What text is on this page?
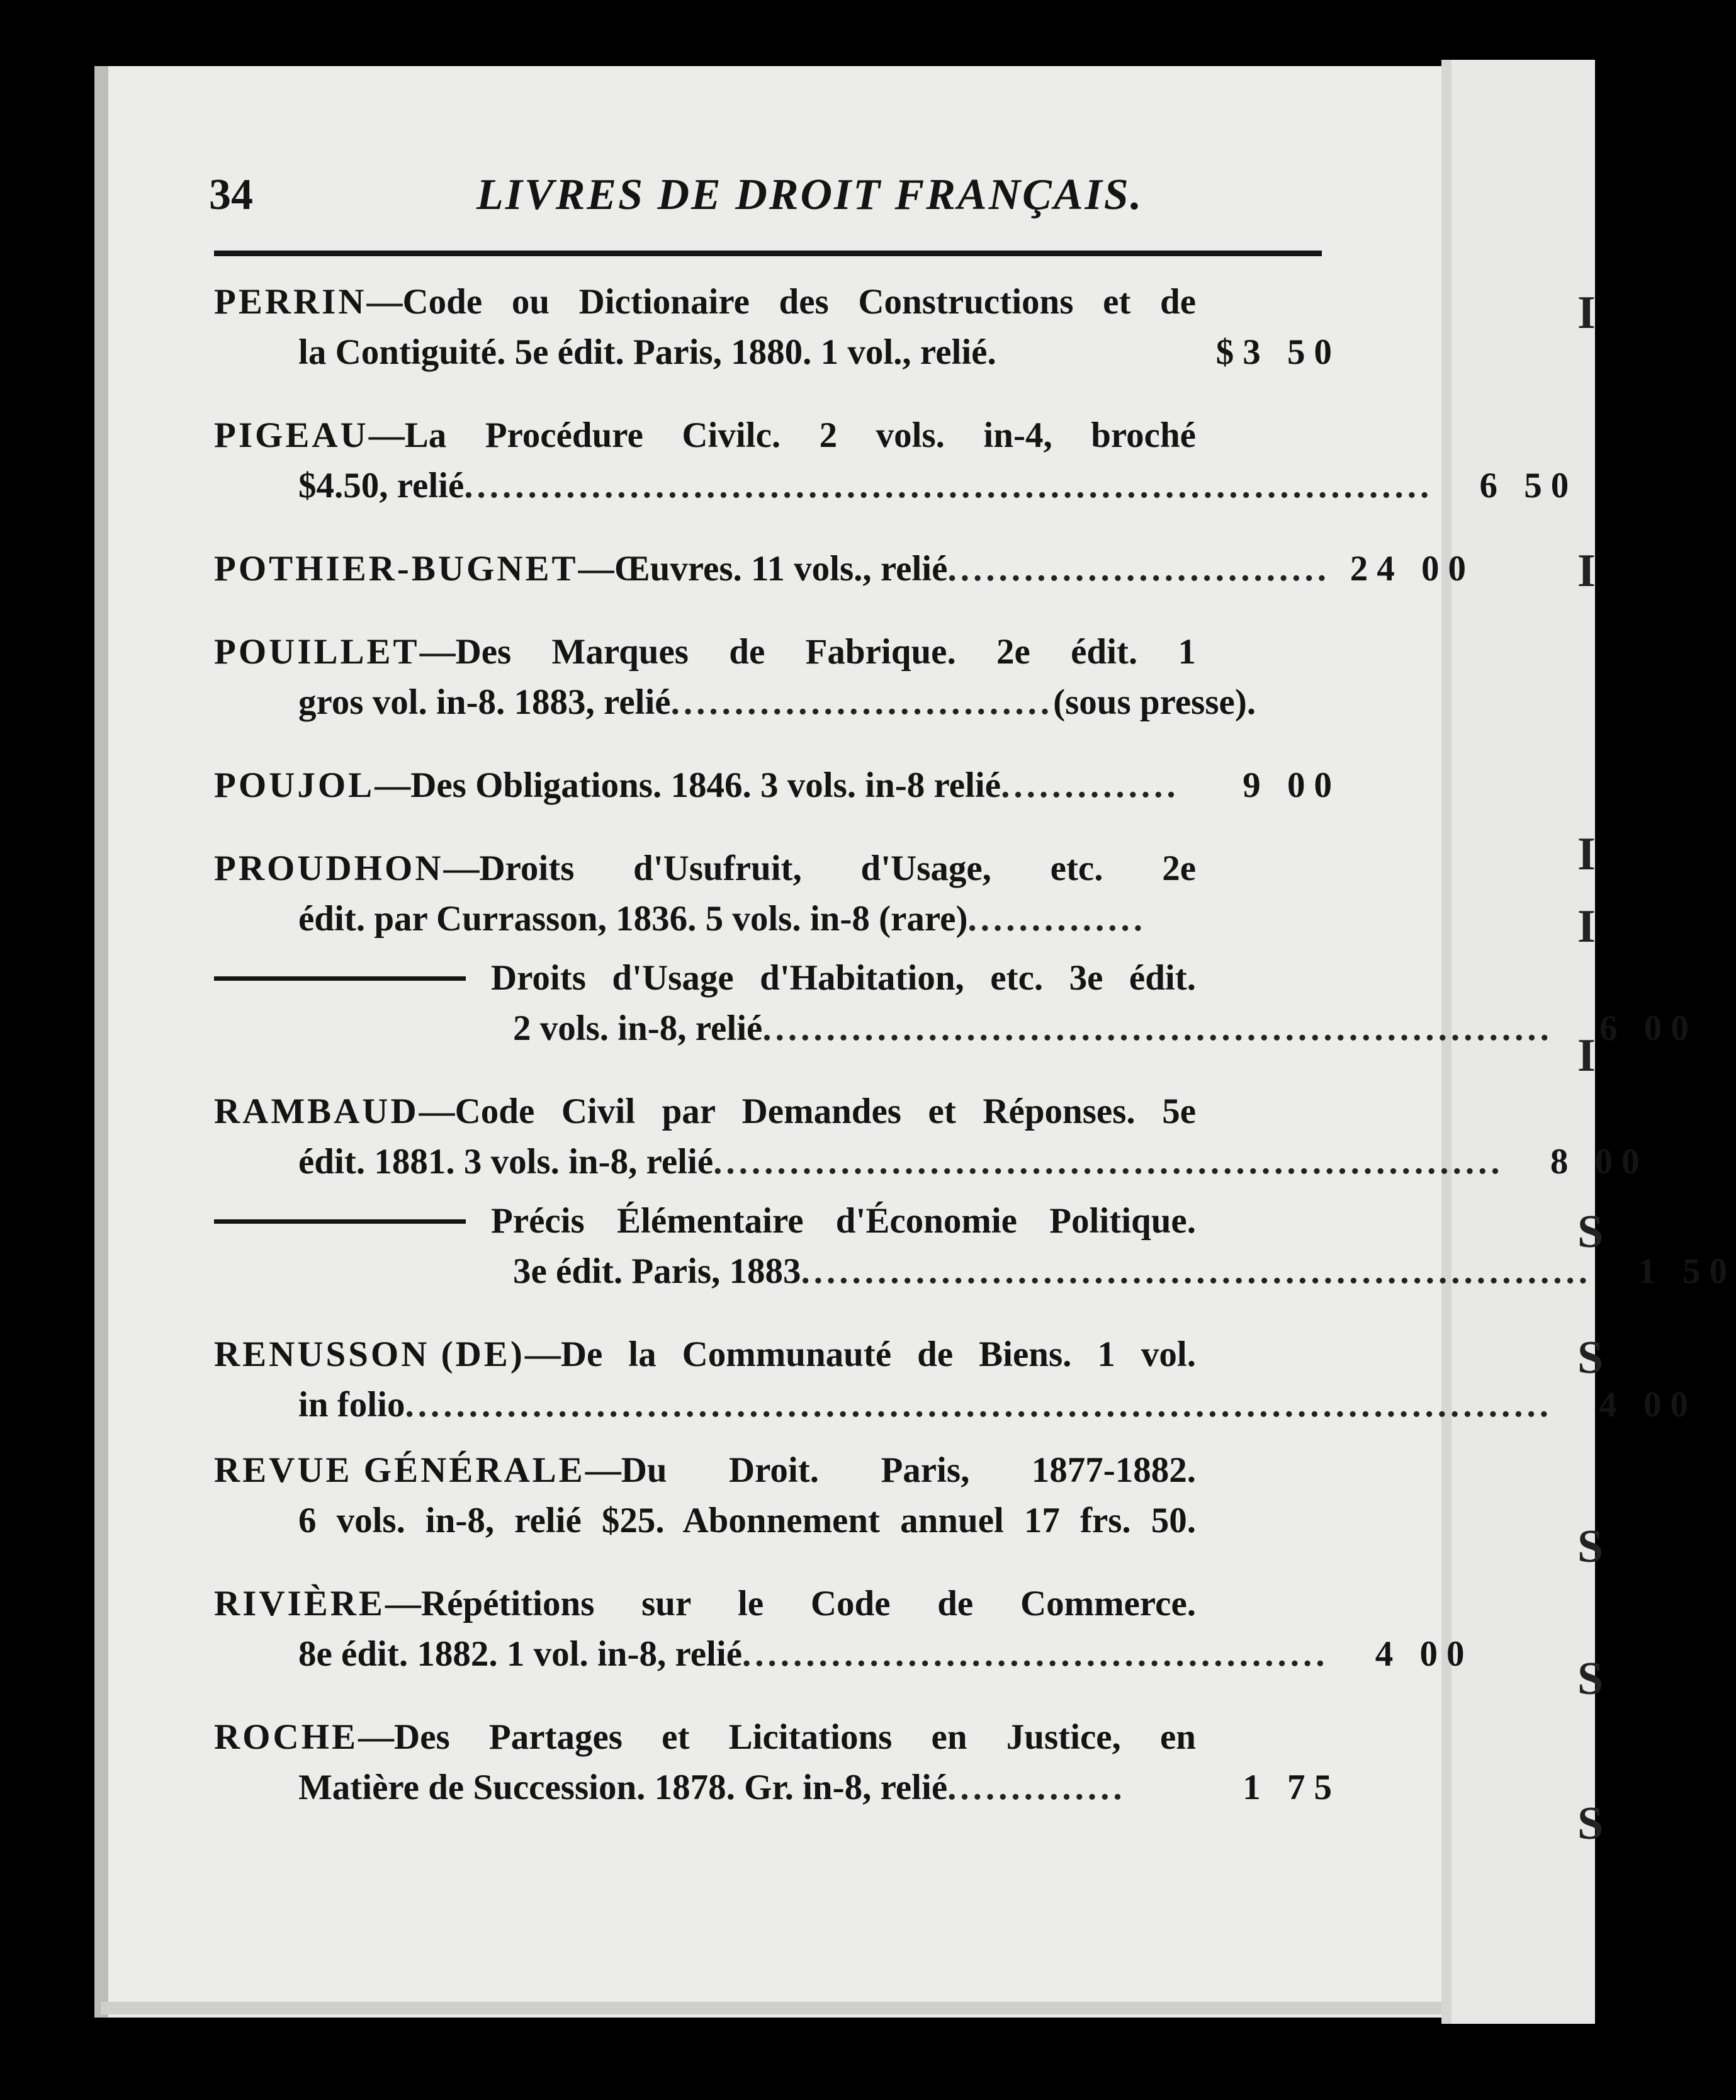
I
I
I
I
I
S
S
S
S
S
34	LIVRES DE DROIT FRANÇAIS.
PERRIN —Code ou Dictionaire des Constructions et de
la Contiguité. 5e édit. Paris, 1880. 1 vol., relié.	$3 50
PIGEAU —La Procédure Civilc. 2 vols. in-4, broché
$4.50, relié ............................................................................	6 50
POTHIER-BUGNET —Œuvres. 11 vols., relié .............................. 24 00
POUILLET —Des Marques de Fabrique. 2e édit. 1
gros vol. in-8. 1883, relié .............................. (sous presse).
POUJOL —Des Obligations. 1846. 3 vols. in-8 relié ..............	9 00
PROUDHON —Droits d'Usufruit, d'Usage, etc. 2e
édit. par Currasson, 1836. 5 vols. in-8 (rare) ..............
Droits d'Usage d'Habitation, etc. 3e édit.
2 vols. in-8, relié ..............................................................	6 00
RAMBAUD —Code Civil par Demandes et Réponses. 5e
édit. 1881. 3 vols. in-8, relié ..............................................................	8 00
Précis Élémentaire d'Économie Politique.
3e édit. Paris, 1883 ..............................................................	1 50
RENUSSON (DE) —De la Communauté de Biens. 1 vol.
in folio ..........................................................................................	4 00
REVUE GÉNÉRALE —Du Droit. Paris, 1877-1882.
6 vols. in-8, relié $25. Abonnement annuel 17 frs. 50.
RIVIÈRE —Répétitions sur le Code de Commerce.
8e édit. 1882. 1 vol. in-8, relié ..............................................	4 00
ROCHE —Des Partages et Licitations en Justice, en
Matière de Succession. 1878. Gr. in-8, relié ..............	1 75
